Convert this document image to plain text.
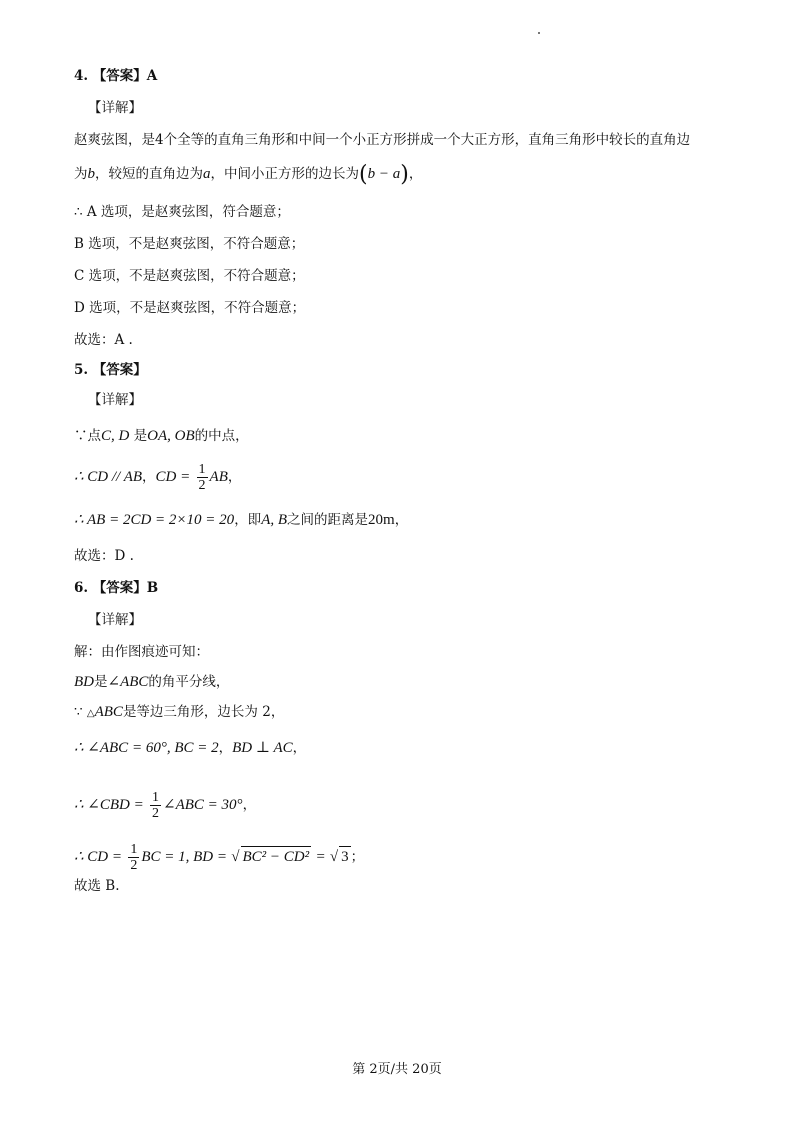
4. 【答案】A
【详解】
赵爽弦图，是4个全等的直角三角形和中间一个小正方形拼成一个大正方形，直角三角形中较长的直角边
为b，较短的直角边为a，中间小正方形的边长为(b − a)，
∴ A 选项，是赵爽弦图，符合题意；
B 选项，不是赵爽弦图，不符合题意；
C 选项，不是赵爽弦图，不符合题意；
D 选项，不是赵爽弦图，不符合题意；
故选：A .
5. 【答案】
【详解】
∵点C, D 是OA, OB的中点，
∴ CD // AB，CD = $\frac{1}{2}$ AB，
∴ AB = 2CD = 2×10 = 20，即A, B之间的距离是20m，
故选：D .
6. 【答案】B
【详解】
解：由作图痕迹可知：
BD是∠ABC的角平分线，
∵ △ABC是等边三角形，边长为 2，
∴ ∠ABC = 60°, BC = 2，BD ⊥ AC，
∴ ∠CBD = $\frac{1}{2}$ ∠ABC = 30°，
∴ CD = $\frac{1}{2}$ BC = 1, BD = √ BC² − CD² = √ 3 ；
故选 B.
第 2页/共 20页
